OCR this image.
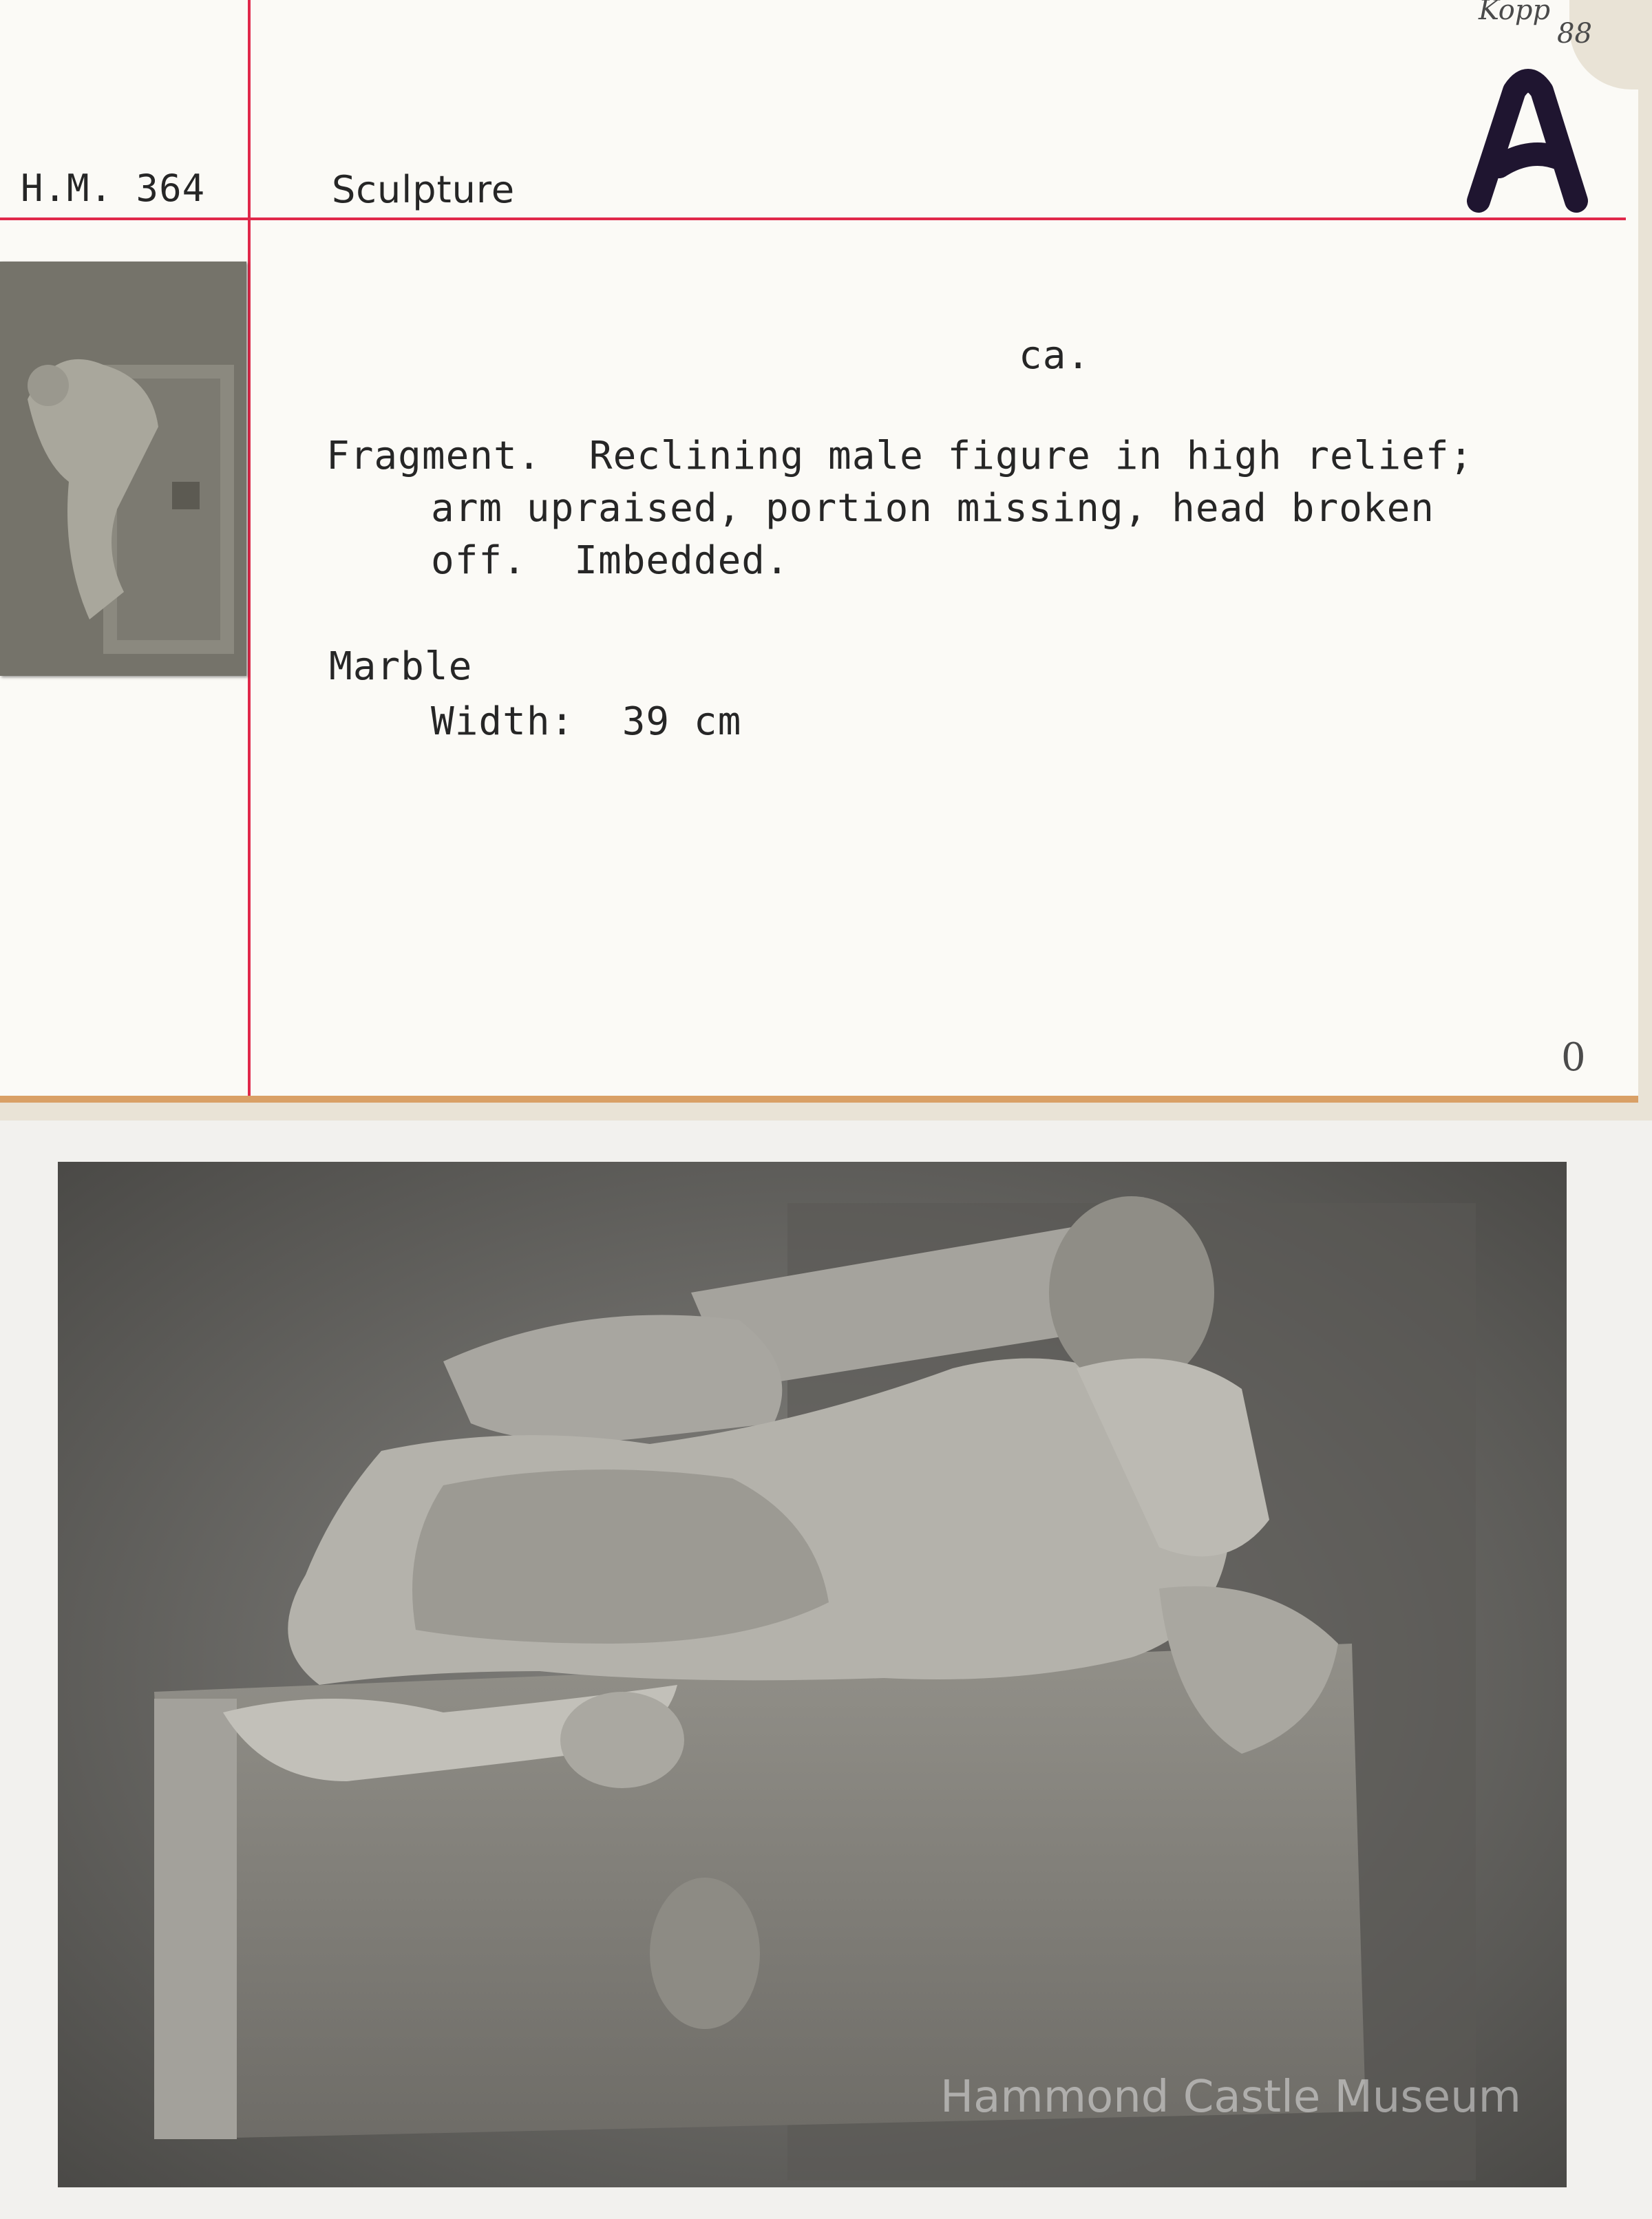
H.M. 364	Sculpture
Kopp
88
ca.
Fragment.  Reclining male figure in high relief;
arm upraised, portion missing, head broken
off.  Imbedded.
Marble
Width:  39 cm
0
Hammond Castle Museum
